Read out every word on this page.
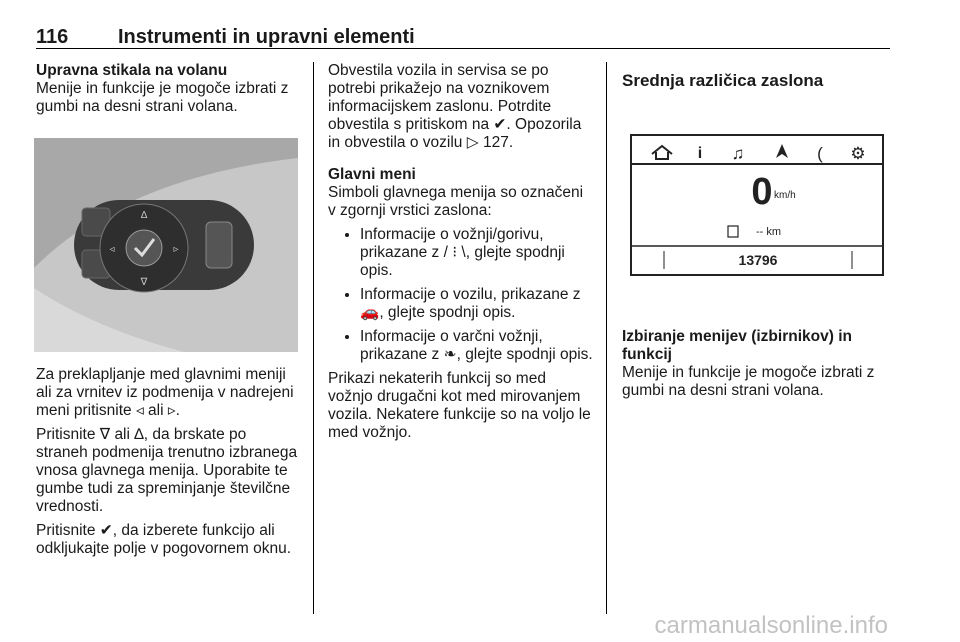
116 Instrumenti in upravni elementi
Upravna stikala na volanu

Menije in funkcije je mogoče izbrati z gumbi na desni strani volana.

∆
∇
◃	▹

Za preklapljanje med glavnimi meniji ali za vrnitev iz podmenija v nadrejeni meni pritisnite ◃ ali ▹.

Pritisnite ∇ ali ∆, da brskate po straneh podmenija trenutno izbranega vnosa glavnega menija. Uporabite te gumbe tudi za spreminjanje številčne vrednosti.

Pritisnite ✔, da izberete funkcijo ali odkljukajte polje v pogovornem oknu.

Obvestila vozila in servisa se po potrebi prikažejo na voznikovem informacijskem zaslonu. Potrdite obvestila s pritiskom na ✔. Opozorila in obvestila o vozilu ▷ 127.

Glavni meni

Simboli glavnega menija so označeni v zgornji vrstici zaslona:

• Informacije o vožnji/gorivu, prikazane z / ⁝ \, glejte spodnji opis.
• Informacije o vozilu, prikazane z 🚗, glejte spodnji opis.
• Informacije o varčni vožnji, prikazane z ❧, glejte spodnji opis.

Prikazi nekaterih funkcij so med vožnjo drugačni kot med mirovanjem vozila. Nekatere funkcije so na voljo le med vožnjo.

Srednja različica zaslona
i ♫	( ⚙
0 km/h
-- km
13796
Izbiranje menijev (izbirnikov) in funkcij

Menije in funkcije je mogoče izbrati z gumbi na desni strani volana.

carmanualsonline.info
